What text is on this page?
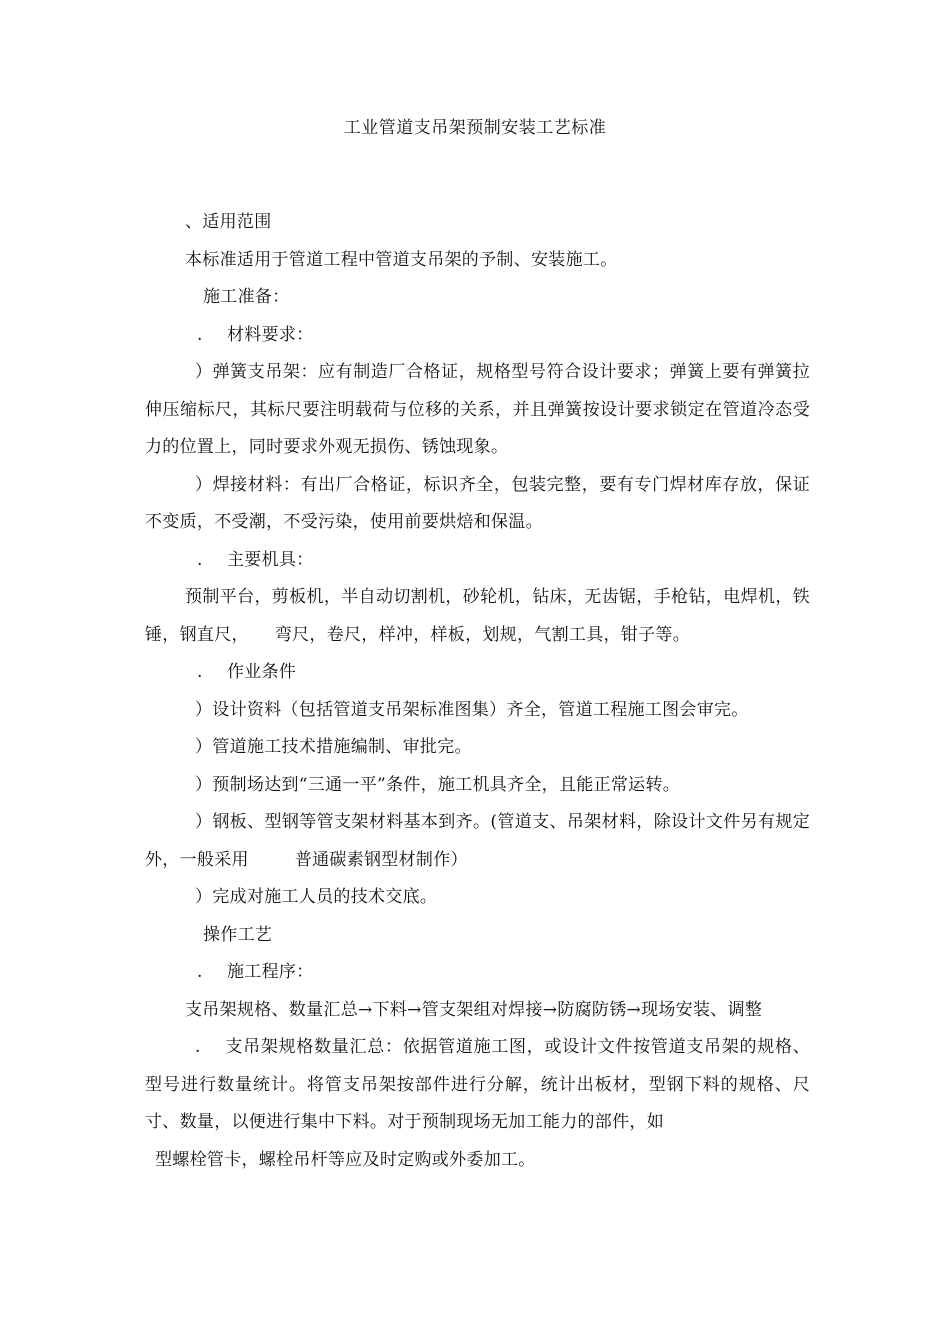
工业管道支吊架预制安装工艺标准

、适用范围

本标准适用于管道工程中管道支吊架的予制、安装施工。

施工准备：

. 材料要求：

）弹簧支吊架：应有制造厂合格证，规格型号符合设计要求；弹簧上要有弹簧拉伸压缩标尺，其标尺要注明载荷与位移的关系，并且弹簧按设计要求锁定在管道冷态受力的位置上，同时要求外观无损伤、锈蚀现象。

）焊接材料：有出厂合格证，标识齐全，包装完整，要有专门焊材库存放，保证不变质，不受潮，不受污染，使用前要烘焙和保温。

. 主要机具：

预制平台，剪板机，半自动切割机，砂轮机，钻床，无齿锯，手枪钻，电焊机，铁锤，钢直尺， 弯尺，卷尺，样冲，样板，划规，气割工具，钳子等。

. 作业条件

）设计资料（包括管道支吊架标准图集）齐全，管道工程施工图会审完。

）管道施工技术措施编制、审批完。

）预制场达到“三通一平”条件，施工机具齐全，且能正常运转。

）钢板、型钢等管支架材料基本到齐。(管道支、吊架材料，除设计文件另有规定外，一般采用	普通碳素钢型材制作）

）完成对施工人员的技术交底。

操作工艺

. 施工程序：

支吊架规格、数量汇总→下料→管支架组对焊接→防腐防锈→现场安装、调整

. 支吊架规格数量汇总：依据管道施工图，或设计文件按管道支吊架的规格、型号进行数量统计。将管支吊架按部件进行分解，统计出板材，型钢下料的规格、尺寸、数量，以便进行集中下料。对于预制现场无加工能力的部件，如

型螺栓管卡，螺栓吊杆等应及时定购或外委加工。
